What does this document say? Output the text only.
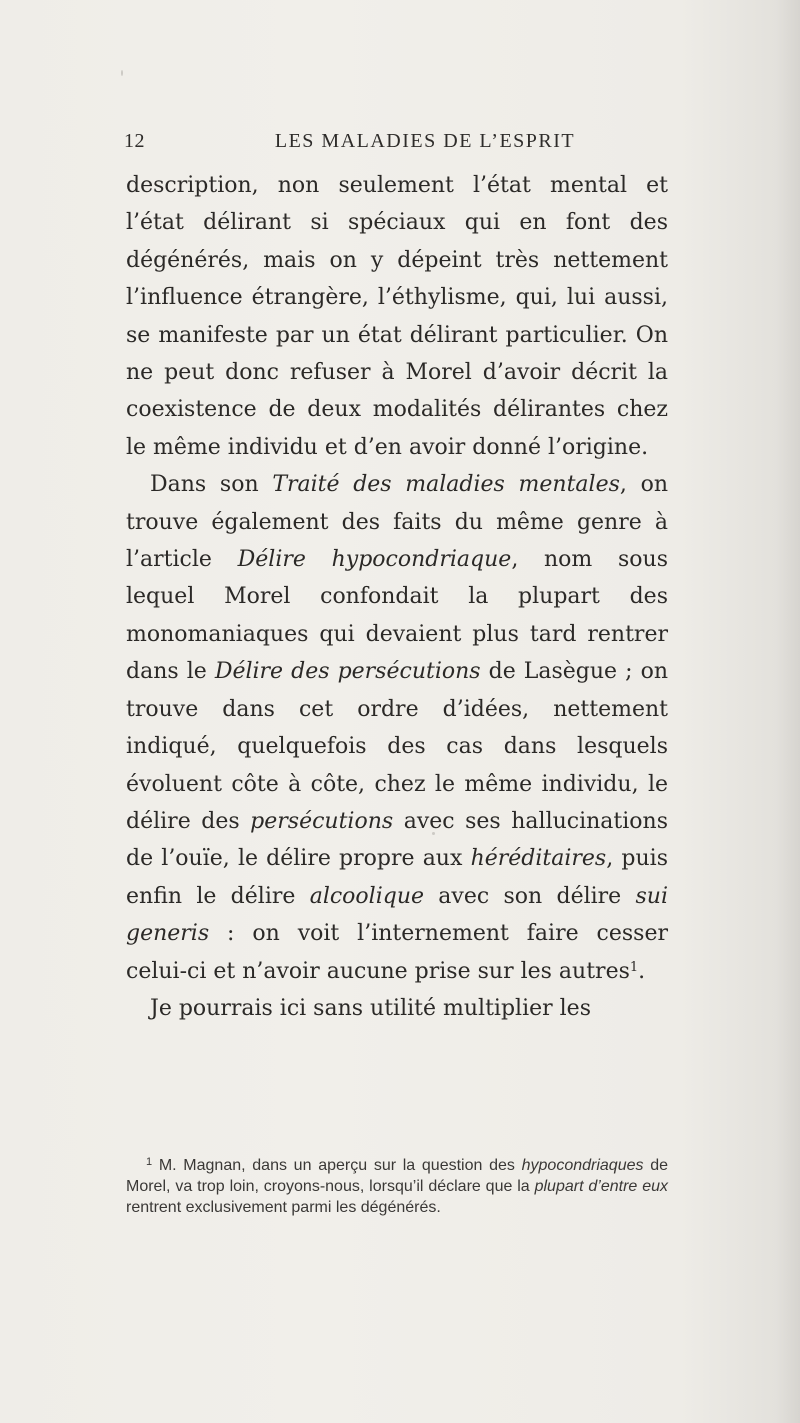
12	LES MALADIES DE L’ESPRIT

description, non seulement l’état mental et l’état délirant si spéciaux qui en font des dégénérés, mais on y dépeint très nettement l’influence étrangère, l’éthylisme, qui, lui aussi, se manifeste par un état délirant particulier. On ne peut donc refuser à Morel d’avoir décrit la coexistence de deux modalités délirantes chez le même individu et d’en avoir donné l’origine.

Dans son Traité des maladies mentales, on trouve également des faits du même genre à l’article Délire hypocondriaque, nom sous lequel Morel confondait la plupart des monomaniaques qui devaient plus tard rentrer dans le Délire des persécutions de Lasègue ; on trouve dans cet ordre d’idées, nettement indiqué, quelquefois des cas dans lesquels évoluent côte à côte, chez le même individu, le délire des persécutions avec ses hallucinations de l’ouïe, le délire propre aux héréditaires, puis enfin le délire alcoolique avec son délire sui generis : on voit l’internement faire cesser celui-ci et n’avoir aucune prise sur les autres$^1$.

Je pourrais ici sans utilité multiplier les

$^1$ M. Magnan, dans un aperçu sur la question des hypocondriaques de Morel, va trop loin, croyons-nous, lorsqu’il déclare que la plupart d’entre eux rentrent exclusivement parmi les dégénérés.
